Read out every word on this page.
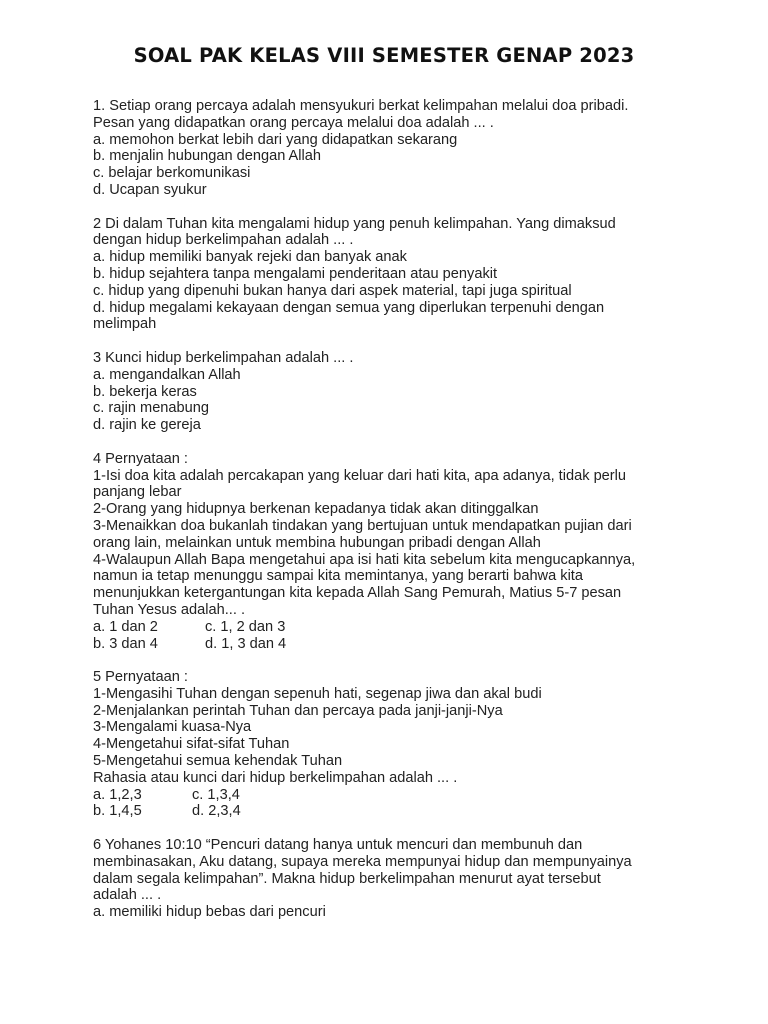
SOAL PAK KELAS VIII SEMESTER GENAP 2023
1. Setiap orang percaya adalah mensyukuri berkat kelimpahan melalui doa pribadi.
Pesan yang didapatkan orang percaya melalui doa adalah ... .
a. memohon berkat lebih dari yang didapatkan sekarang
b. menjalin hubungan dengan Allah
c. belajar berkomunikasi
d. Ucapan syukur
2 Di dalam Tuhan kita mengalami hidup yang penuh kelimpahan. Yang dimaksud
dengan hidup berkelimpahan adalah ... .
a. hidup memiliki banyak rejeki dan banyak anak
b. hidup sejahtera tanpa mengalami penderitaan atau penyakit
c. hidup yang dipenuhi bukan hanya dari aspek material, tapi juga spiritual
d. hidup megalami kekayaan dengan semua yang diperlukan terpenuhi dengan
melimpah
3 Kunci hidup berkelimpahan adalah ... .
a. mengandalkan Allah
b. bekerja keras
c. rajin menabung
d. rajin ke gereja
4 Pernyataan :
1-Isi doa kita adalah percakapan yang keluar dari hati kita, apa adanya, tidak perlu
panjang lebar
2-Orang yang hidupnya berkenan kepadanya tidak akan ditinggalkan
3-Menaikkan doa bukanlah tindakan yang bertujuan untuk mendapatkan pujian dari
orang lain, melainkan untuk membina hubungan pribadi dengan Allah
4-Walaupun Allah Bapa mengetahui apa isi hati kita sebelum kita mengucapkannya,
namun ia tetap menunggu sampai kita memintanya, yang berarti bahwa kita
menunjukkan ketergantungan kita kepada Allah Sang Pemurah, Matius 5-7 pesan
Tuhan Yesus adalah... .
a. 1 dan 2	c. 1, 2 dan 3
b. 3 dan 4	d. 1, 3 dan 4
5 Pernyataan :
1-Mengasihi Tuhan dengan sepenuh hati, segenap jiwa dan akal budi
2-Menjalankan perintah Tuhan dan percaya pada janji-janji-Nya
3-Mengalami kuasa-Nya
4-Mengetahui sifat-sifat Tuhan
5-Mengetahui semua kehendak Tuhan
Rahasia atau kunci dari hidup berkelimpahan adalah ... .
a. 1,2,3	c. 1,3,4
b. 1,4,5	d. 2,3,4
6 Yohanes 10:10 “Pencuri datang hanya untuk mencuri dan membunuh dan
membinasakan, Aku datang, supaya mereka mempunyai hidup dan mempunyainya
dalam segala kelimpahan”. Makna hidup berkelimpahan menurut ayat tersebut
adalah ... .
a. memiliki hidup bebas dari pencuri
